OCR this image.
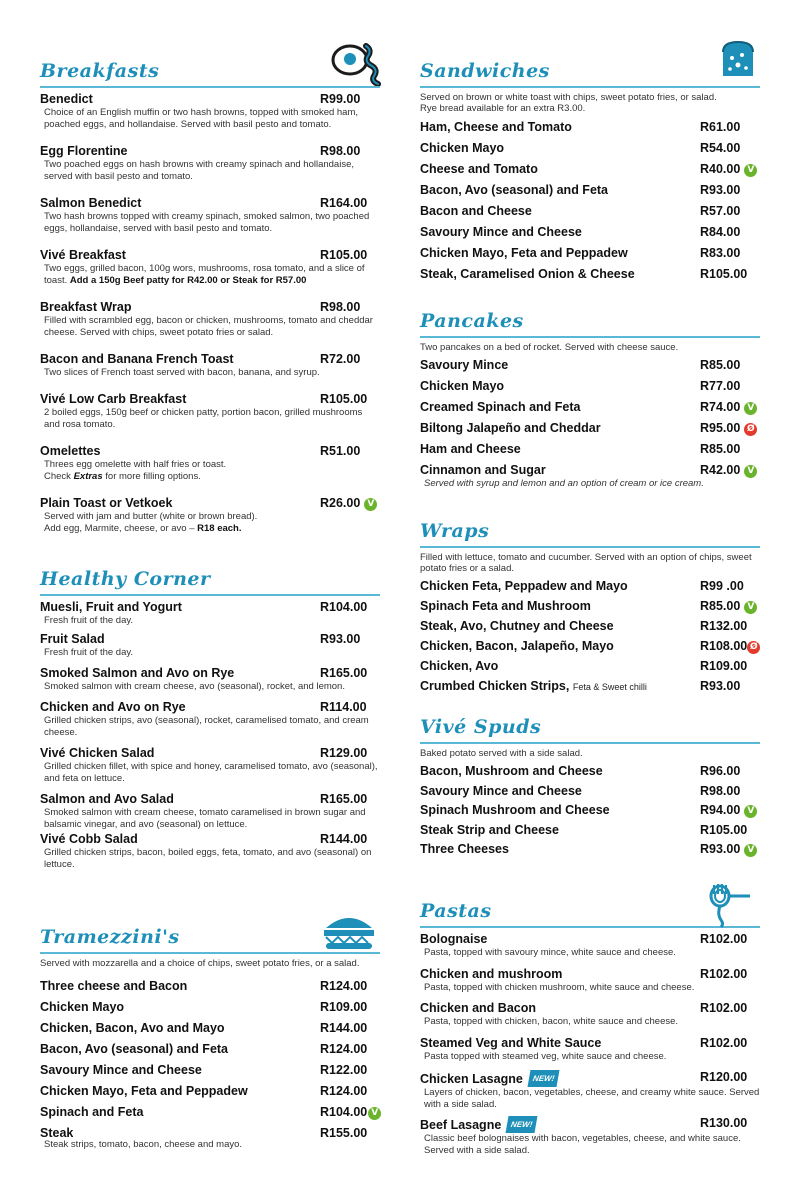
Breakfasts
Benedict	R99.00
Choice of an English muffin or two hash browns, topped with smoked ham, poached eggs, and hollandaise. Served with basil pesto and tomato.
Egg Florentine	R98.00
Two poached eggs on hash browns with creamy spinach and hollandaise, served with basil pesto and tomato.
Salmon Benedict	R164.00
Two hash browns topped with creamy spinach, smoked salmon, two poached eggs, hollandaise, served with basil pesto and tomato.
Vivé Breakfast	R105.00
Two eggs, grilled bacon, 100g wors, mushrooms, rosa tomato, and a slice of toast. Add a 150g Beef patty for R42.00 or Steak for R57.00
Breakfast Wrap	R98.00
Filled with scrambled egg, bacon or chicken, mushrooms, tomato and cheddar cheese. Served with chips, sweet potato fries or salad.
Bacon and Banana French Toast	R72.00
Two slices of French toast served with bacon, banana, and syrup.
Vivé Low Carb Breakfast	R105.00
2 boiled eggs, 150g beef or chicken patty, portion bacon, grilled mushrooms and rosa tomato.
Omelettes	R51.00
Threes egg omelette with half fries or toast.
Check Extras for more filling options.
Plain Toast or Vetkoek	R26.00 V
Served with jam and butter (white or brown bread).
Add egg, Marmite, cheese, or avo – R18 each.
Healthy Corner
Muesli, Fruit and Yogurt	R104.00
Fresh fruit of the day.
Fruit Salad	R93.00
Fresh fruit of the day.
Smoked Salmon and Avo on Rye	R165.00
Smoked salmon with cream cheese, avo (seasonal), rocket, and lemon.
Chicken and Avo on Rye	R114.00
Grilled chicken strips, avo (seasonal), rocket, caramelised tomato, and cream cheese.
Vivé Chicken Salad	R129.00
Grilled chicken fillet, with spice and honey, caramelised tomato, avo (seasonal), and feta on lettuce.
Salmon and Avo Salad	R165.00
Smoked salmon with cream cheese, tomato caramelised in brown sugar and balsamic vinegar, and avo (seasonal) on lettuce.
Vivé Cobb Salad	R144.00
Grilled chicken strips, bacon, boiled eggs, feta, tomato, and avo (seasonal) on lettuce.
Tramezzini's
Served with mozzarella and a choice of chips, sweet potato fries, or a salad.
Three cheese and Bacon	R124.00
Chicken Mayo	R109.00
Chicken, Bacon, Avo and Mayo	R144.00
Bacon, Avo (seasonal) and Feta	R124.00
Savoury Mince and Cheese	R122.00
Chicken Mayo, Feta and Peppadew	R124.00
Spinach and Feta	R104.00 V
Steak	R155.00
Steak strips, tomato, bacon, cheese and mayo.
Sandwiches
Served on brown or white toast with chips, sweet potato fries, or salad.
Rye bread available for an extra R3.00.
Ham, Cheese and Tomato	R61.00
Chicken Mayo	R54.00
Cheese and Tomato	R40.00 V
Bacon, Avo (seasonal) and Feta	R93.00
Bacon and Cheese	R57.00
Savoury Mince and Cheese	R84.00
Chicken Mayo, Feta and Peppadew	R83.00
Steak, Caramelised Onion & Cheese	R105.00
Pancakes
Two pancakes on a bed of rocket. Served with cheese sauce.
Savoury Mince	R85.00
Chicken Mayo	R77.00
Creamed Spinach and Feta	R74.00 V
Biltong Jalapeño and Cheddar	R95.00 Ø
Ham and Cheese	R85.00
Cinnamon and Sugar	R42.00 V
Served with syrup and lemon and an option of cream or ice cream.
Wraps
Filled with lettuce, tomato and cucumber. Served with an option of chips, sweet potato fries or a salad.
Chicken Feta, Peppadew and Mayo	R99 .00
Spinach Feta and Mushroom	R85.00 V
Steak, Avo, Chutney and Cheese	R132.00
Chicken, Bacon, Jalapeño, Mayo	R108.00 Ø
Chicken, Avo	R109.00
Crumbed Chicken Strips, Feta & Sweet chilli	R93.00
Vivé Spuds
Baked potato served with a side salad.
Bacon, Mushroom and Cheese	R96.00
Savoury Mince and Cheese	R98.00
Spinach Mushroom and Cheese	R94.00 V
Steak Strip and Cheese	R105.00
Three Cheeses	R93.00 V
Pastas
Bolognaise	R102.00
Pasta, topped with savoury mince, white sauce and cheese.
Chicken and mushroom	R102.00
Pasta, topped with chicken mushroom, white sauce and cheese.
Chicken and Bacon	R102.00
Pasta, topped with chicken, bacon, white sauce and cheese.
Steamed Veg and White Sauce	R102.00
Pasta topped with steamed veg, white sauce and cheese.
Chicken Lasagne NEW!	R120.00
Layers of chicken, bacon, vegetables, cheese, and creamy white sauce. Served with a side salad.
Beef Lasagne NEW!	R130.00
Classic beef bolognaises with bacon, vegetables, cheese, and white sauce. Served with a side salad.
